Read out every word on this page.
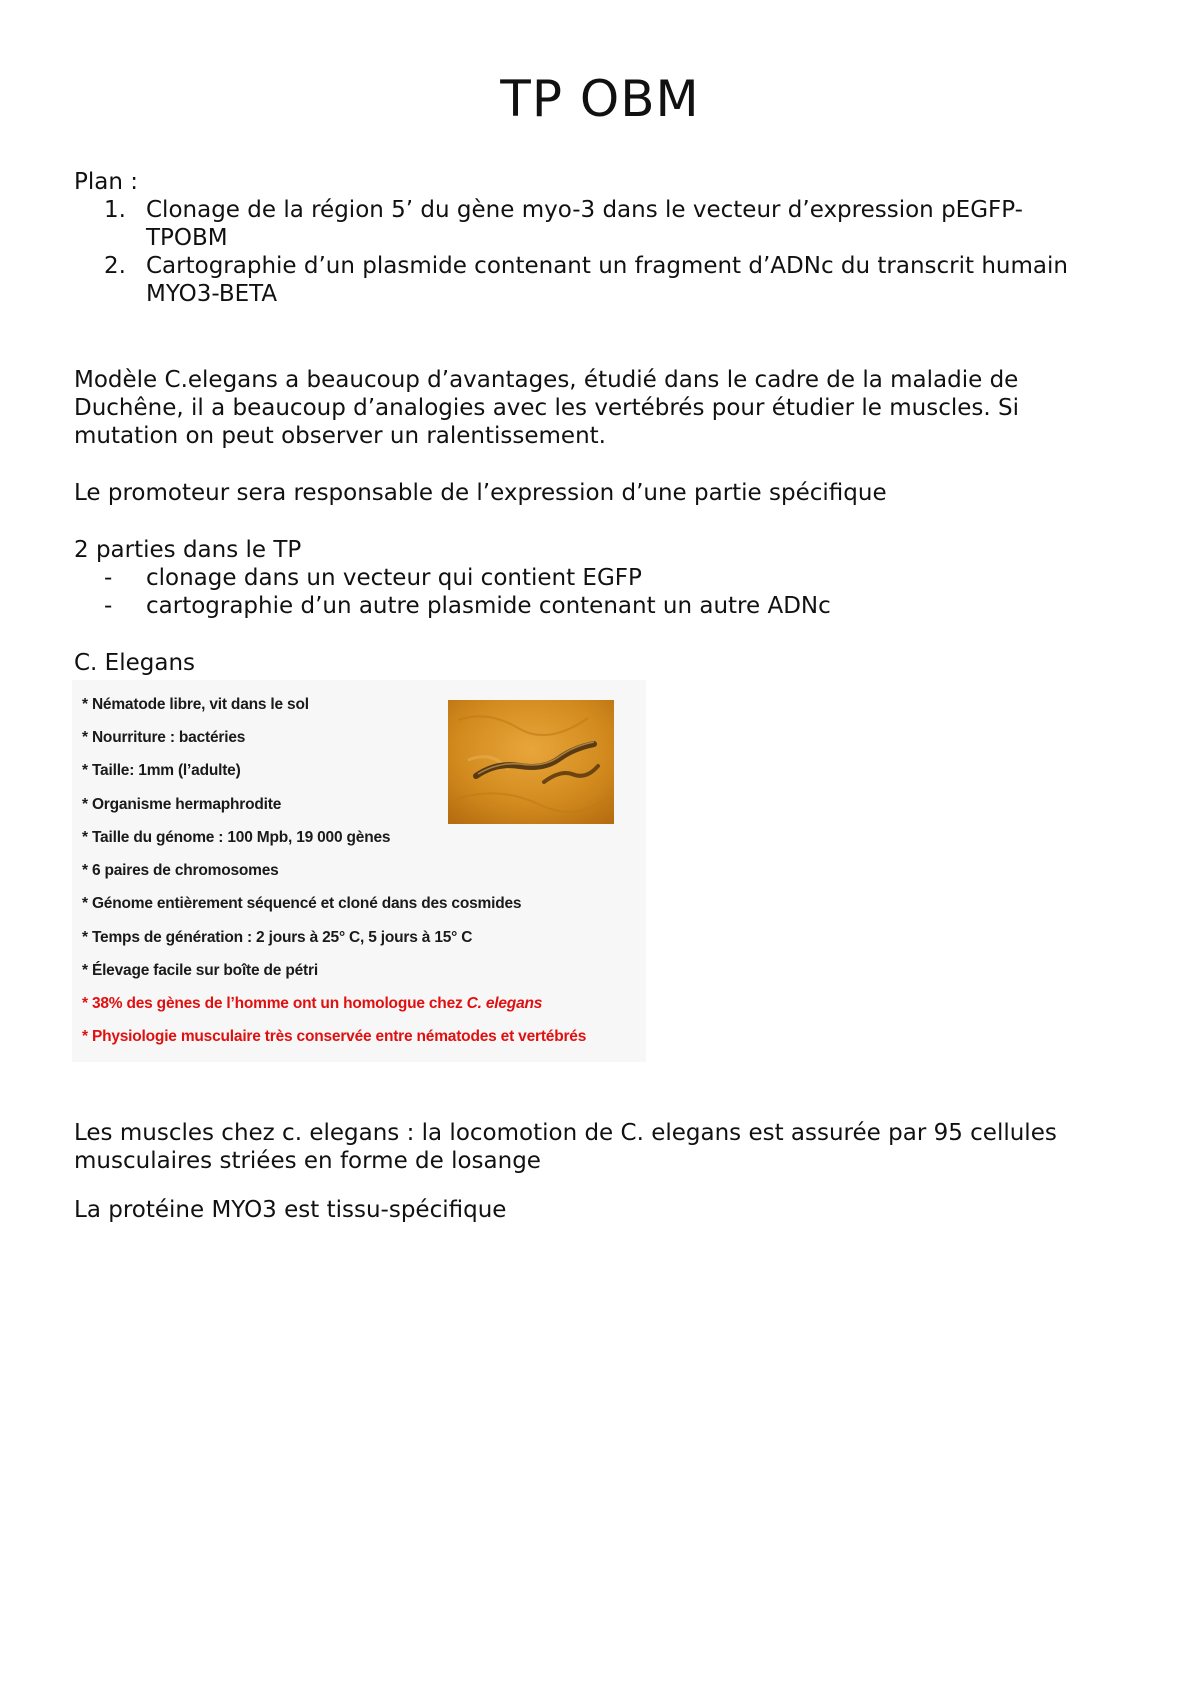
TP OBM

Plan :

1. Clonage de la région 5’ du gène myo-3 dans le vecteur d’expression pEGFP-
TPOBM
2. Cartographie d’un plasmide contenant un fragment d’ADNc du transcrit humain
MYO3-BETA
Modèle C.elegans a beaucoup d’avantages, étudié dans le cadre de la maladie de
Duchêne, il a beaucoup d’analogies avec les vertébrés pour étudier le muscles. Si
mutation on peut observer un ralentissement.

Le promoteur sera responsable de l’expression d’une partie spécifique

2 parties dans le TP

-	clonage dans un vecteur qui contient EGFP
-	cartographie d’un autre plasmide contenant un autre ADNc

C. Elegans

* Nématode libre, vit dans le sol
* Nourriture : bactéries
* Taille: 1mm (l’adulte)
* Organisme hermaphrodite
* Taille du génome : 100 Mpb, 19 000 gènes
* 6 paires de chromosomes
* Génome entièrement séquencé et cloné dans des cosmides
* Temps de génération : 2 jours à 25° C, 5 jours à 15° C
* Élevage facile sur boîte de pétri
* 38% des gènes de l’homme ont un homologue chez C. elegans
* Physiologie musculaire très conservée entre nématodes et vertébrés
Les muscles chez c. elegans : la locomotion de C. elegans est assurée par 95 cellules
musculaires striées en forme de losange

La protéine MYO3 est tissu-spécifique
